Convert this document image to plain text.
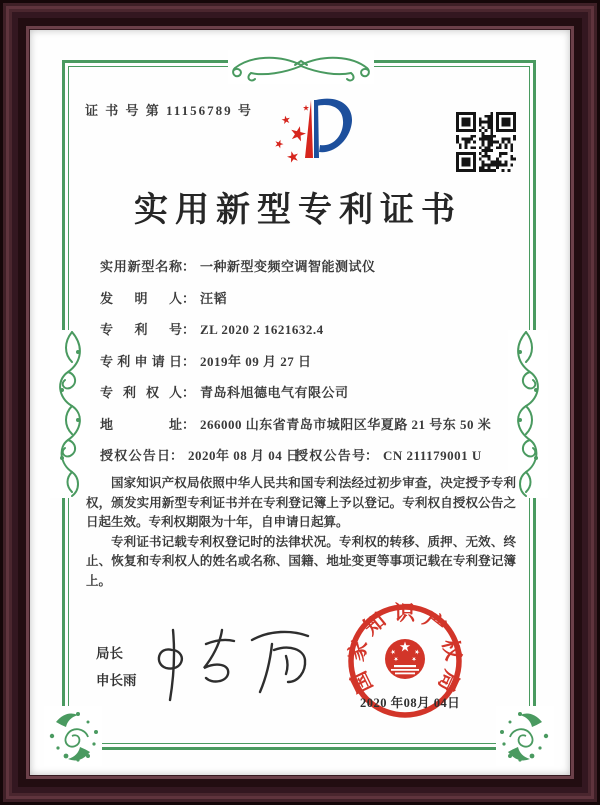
证 书 号 第 11156789 号
实用新型专利证书
实用新型名称： 一种新型变频空调智能测试仪
发明人： 汪韬
专利号： ZL 2020 2 1621632.4
专利申请日： 2019年 09 月 27 日
专利权人： 青岛科旭德电气有限公司
地址： 266000 山东省青岛市城阳区华夏路 21 号东 50 米
授权公告日： 2020年 08 月 04 日
授权公告号： CN 211179001 U

国家知识产权局依照中华人民共和国专利法经过初步审查，决定授予专利权，颁发实用新型专利证书并在专利登记簿上予以登记。专利权自授权公告之日起生效。专利权期限为十年，自申请日起算。

专利证书记载专利权登记时的法律状况。专利权的转移、质押、无效、终止、恢复和专利权人的姓名或名称、国籍、地址变更等事项记载在专利登记簿上。

局长
申长雨	国家知识产权局
2020 年08月 04日
